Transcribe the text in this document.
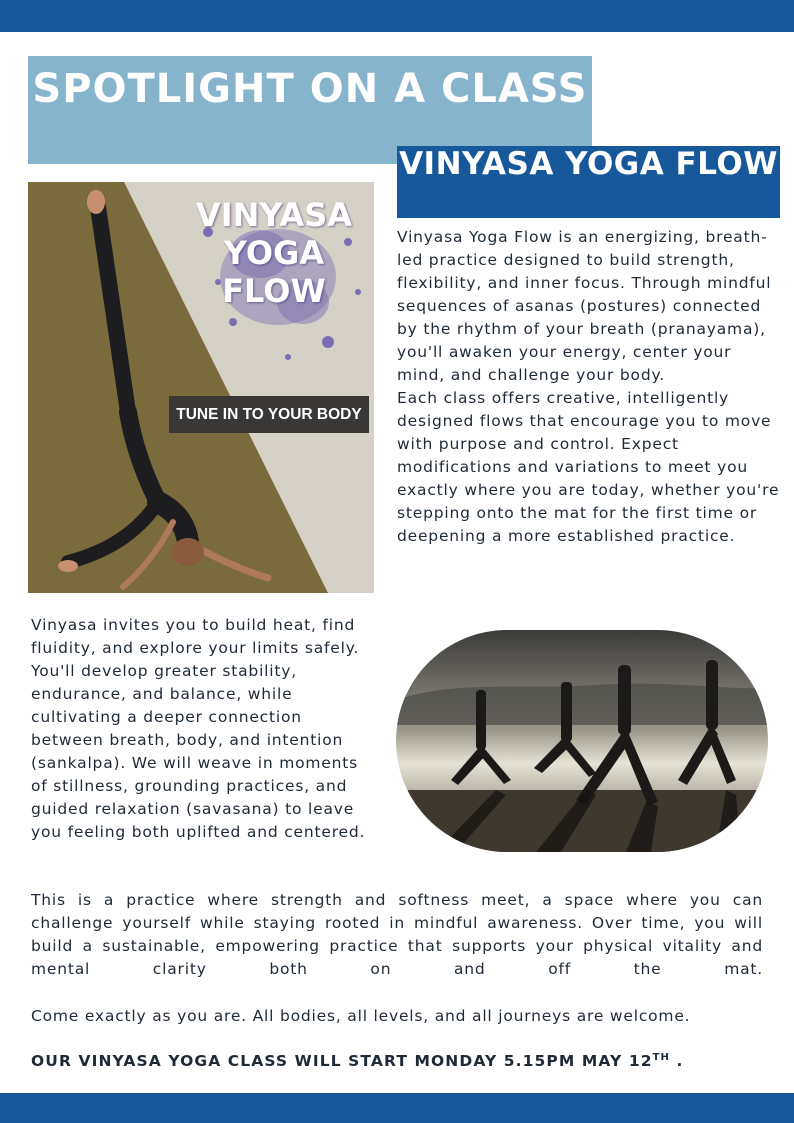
SPOTLIGHT ON A CLASS
VINYASA YOGA FLOW
VINYASA YOGA FLOW
TUNE IN TO YOUR BODY

Vinyasa Yoga Flow is an energizing, breath-led practice designed to build strength, flexibility, and inner focus. Through mindful sequences of asanas (postures) connected by the rhythm of your breath (pranayama), you'll awaken your energy, center your mind, and challenge your body.
Each class offers creative, intelligently designed flows that encourage you to move with purpose and control. Expect modifications and variations to meet you exactly where you are today, whether you're stepping onto the mat for the first time or deepening a more established practice.

Vinyasa invites you to build heat, find fluidity, and explore your limits safely. You'll develop greater stability, endurance, and balance, while cultivating a deeper connection between breath, body, and intention (sankalpa). We will weave in moments of stillness, grounding practices, and guided relaxation (savasana) to leave you feeling both uplifted and centered.

This is a practice where strength and softness meet, a space where you can challenge yourself while staying rooted in mindful awareness. Over time, you will build a sustainable, empowering practice that supports your physical vitality and mental clarity both on and off the mat.

Come exactly as you are. All bodies, all levels, and all journeys are welcome.

OUR VINYASA YOGA CLASS WILL START MONDAY 5.15PM MAY 12TH .
